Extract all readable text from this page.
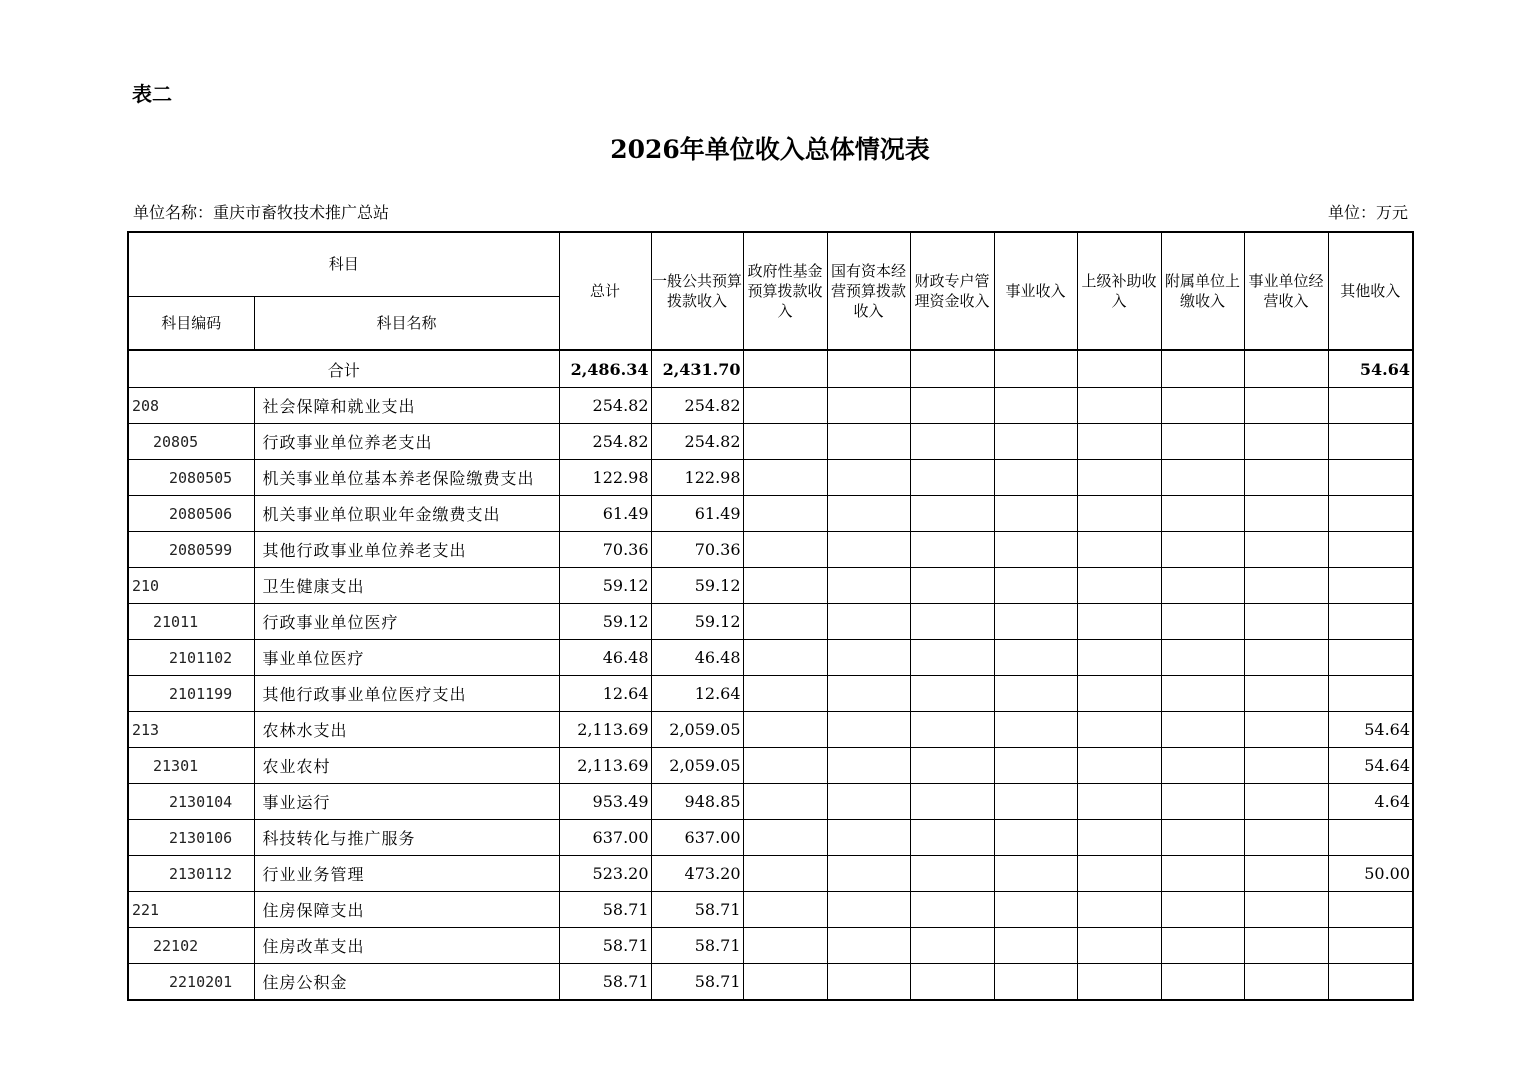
表二
2026年单位收入总体情况表
单位名称：重庆市畜牧技术推广总站	单位：万元
科目		总计	一般公共预算拨款收入	政府性基金预算拨款收入	国有资本经营预算拨款收入	财政专户管理资金收入	事业收入	上级补助收入	附属单位上缴收入	事业单位经营收入	其他收入
科目编码	科目名称										
合计		2,486.34	2,431.70								54.64
208	社会保障和就业支出	254.82	254.82								
20805	行政事业单位养老支出	254.82	254.82								
2080505	机关事业单位基本养老保险缴费支出	122.98	122.98								
2080506	机关事业单位职业年金缴费支出	61.49	61.49								
2080599	其他行政事业单位养老支出	70.36	70.36								
210	卫生健康支出	59.12	59.12								
21011	行政事业单位医疗	59.12	59.12								
2101102	事业单位医疗	46.48	46.48								
2101199	其他行政事业单位医疗支出	12.64	12.64								
213	农林水支出	2,113.69	2,059.05								54.64
21301	农业农村	2,113.69	2,059.05								54.64
2130104	事业运行	953.49	948.85								4.64
2130106	科技转化与推广服务	637.00	637.00								
2130112	行业业务管理	523.20	473.20								50.00
221	住房保障支出	58.71	58.71								
22102	住房改革支出	58.71	58.71								
2210201	住房公积金	58.71	58.71								
